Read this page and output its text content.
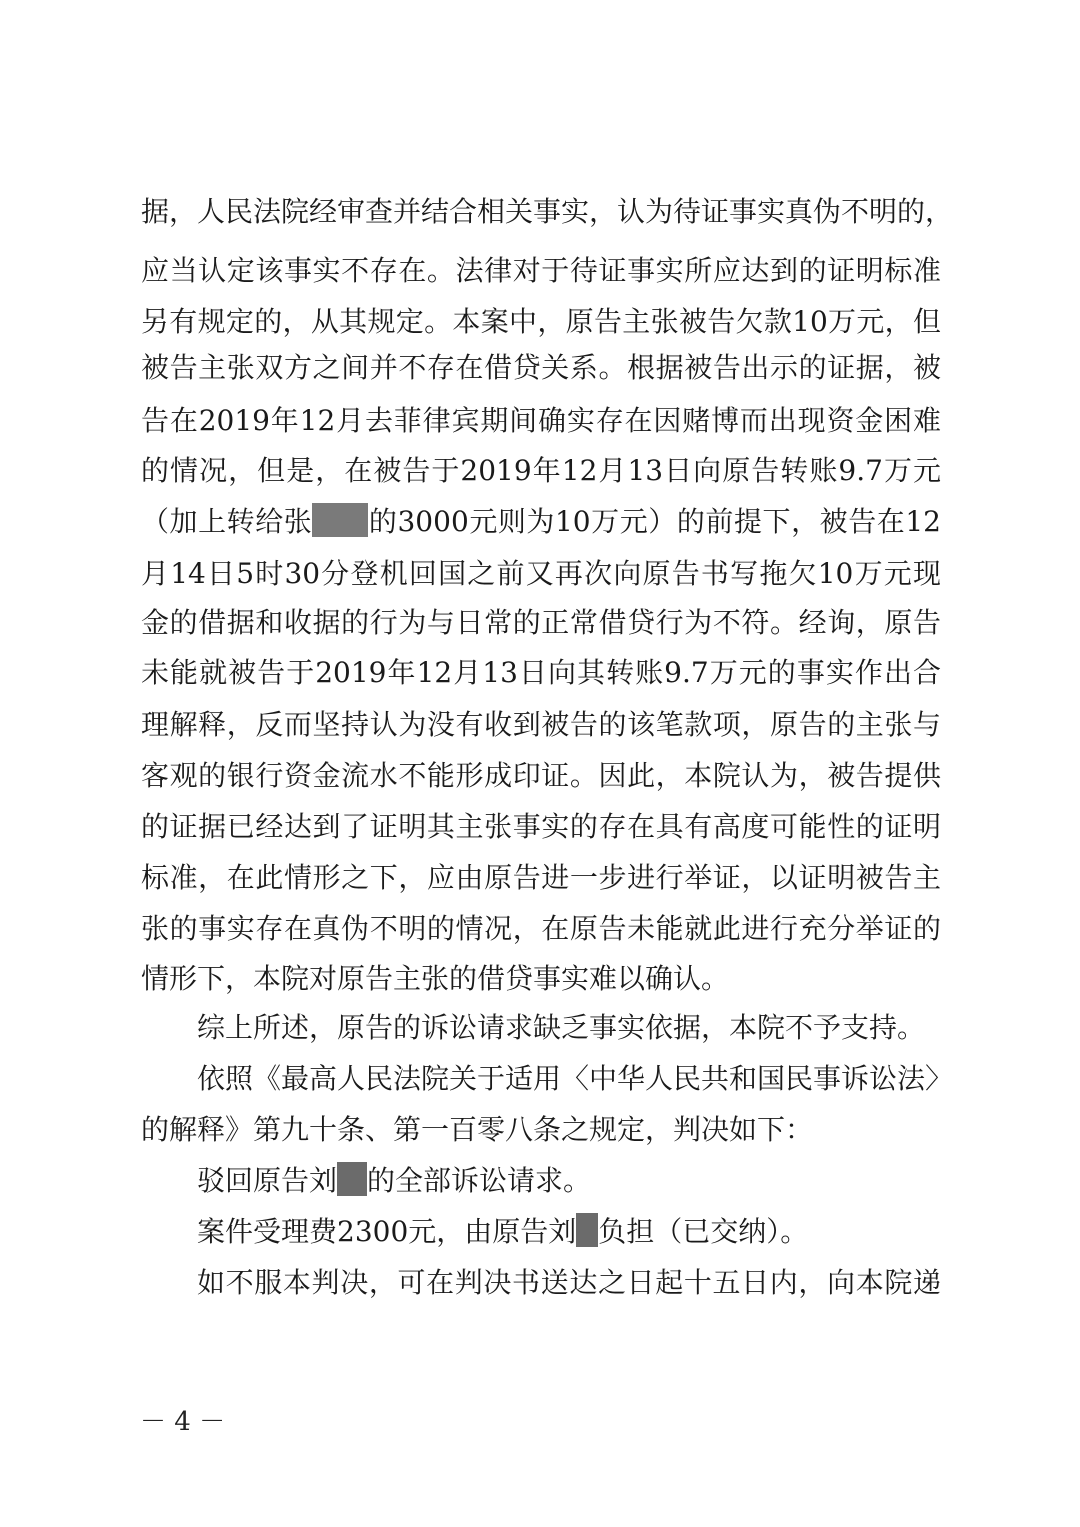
据，人民法院经审查并结合相关事实，认为待证事实真伪不明的，
应当认定该事实不存在。法律对于待证事实所应达到的证明标准
另有规定的，从其规定。本案中，原告主张被告欠款10万元，但
被告主张双方之间并不存在借贷关系。根据被告出示的证据，被
告在2019年12月去菲律宾期间确实存在因赌博而出现资金困难
的情况，但是，在被告于2019年12月13日向原告转账9.7万元
（加上转给张 的3000元则为10万元）的前提下，被告在12
月14日5时30分登机回国之前又再次向原告书写拖欠10万元现
金的借据和收据的行为与日常的正常借贷行为不符。经询，原告
未能就被告于2019年12月13日向其转账9.7万元的事实作出合
理解释，反而坚持认为没有收到被告的该笔款项，原告的主张与
客观的银行资金流水不能形成印证。因此，本院认为，被告提供
的证据已经达到了证明其主张事实的存在具有高度可能性的证明
标准，在此情形之下，应由原告进一步进行举证，以证明被告主
张的事实存在真伪不明的情况，在原告未能就此进行充分举证的
情形下，本院对原告主张的借贷事实难以确认。
综上所述，原告的诉讼请求缺乏事实依据，本院不予支持。
依照《最高人民法院关于适用〈中华人民共和国民事诉讼法〉
的解释》第九十条、第一百零八条之规定，判决如下：
驳回原告刘 的全部诉讼请求。
案件受理费2300元，由原告刘 负担（已交纳）。
如不服本判决，可在判决书送达之日起十五日内，向本院递
－ 4 －
